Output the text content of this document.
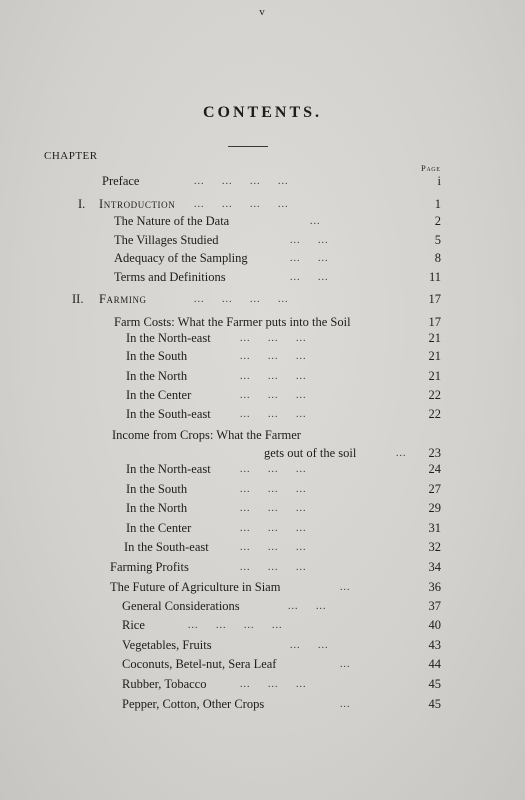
v
CONTENTS.
CHAPTER
Page
Preface	... ... ... ...	i
I. Introduction ... ... ... ...	1
The Nature of the Data	...	2
The Villages Studied	... ...	5
Adequacy of the Sampling	... ...	8
Terms and Definitions	... ...	11
II. Farming	... ... ... ...	17
Farm Costs: What the Farmer puts into the Soil	17
In the North-east	... ... ...	21
In the South	... ... ...	21
In the North	... ... ...	21
In the Center	... ... ...	22
In the South-east	... ... ...	22
Income from Crops: What the Farmer
gets out of the soil	...	23
In the North-east	... ... ...	24
In the South	... ... ...	27
In the North	... ... ...	29
In the Center	... ... ...	31
In the South-east	... ... ...	32
Farming Profits	... ... ...	34
The Future of Agriculture in Siam	...	36
General Considerations	... ...	37
Rice	... ... ... ...	40
Vegetables, Fruits	... ...	43
Coconuts, Betel-nut, Sera Leaf	...	44
Rubber, Tobacco	... ... ...	45
Pepper, Cotton, Other Crops	...	45
